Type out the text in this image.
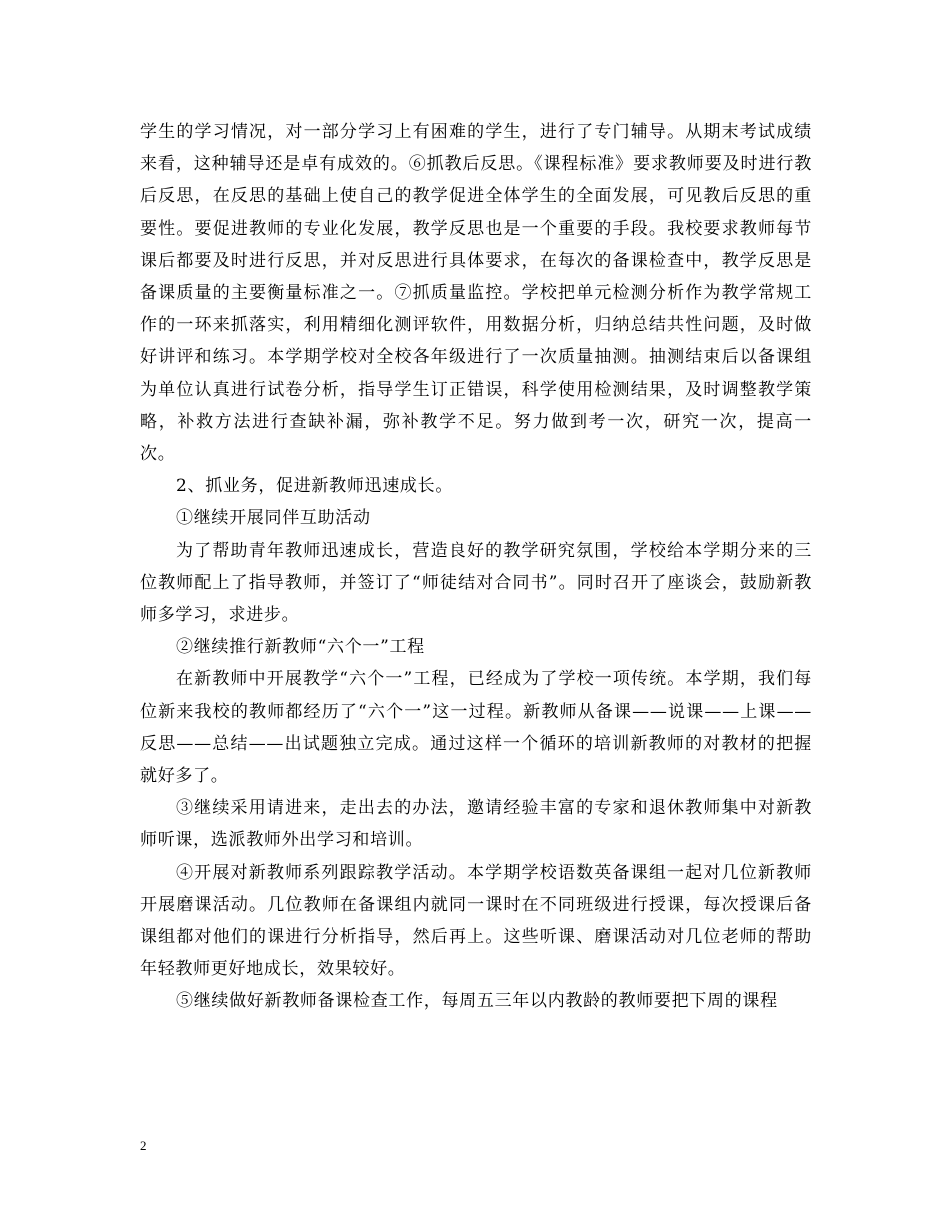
学生的学习情况，对一部分学习上有困难的学生，进行了专门辅导。从期末考试成绩来看，这种辅导还是卓有成效的。⑥抓教后反思。《课程标准》要求教师要及时进行教后反思，在反思的基础上使自己的教学促进全体学生的全面发展，可见教后反思的重要性。要促进教师的专业化发展，教学反思也是一个重要的手段。我校要求教师每节课后都要及时进行反思，并对反思进行具体要求，在每次的备课检查中，教学反思是备课质量的主要衡量标准之一。⑦抓质量监控。学校把单元检测分析作为教学常规工作的一环来抓落实，利用精细化测评软件，用数据分析，归纳总结共性问题，及时做好讲评和练习。本学期学校对全校各年级进行了一次质量抽测。抽测结束后以备课组为单位认真进行试卷分析，指导学生订正错误，科学使用检测结果，及时调整教学策略，补救方法进行查缺补漏，弥补教学不足。努力做到考一次，研究一次，提高一次。

2、抓业务，促进新教师迅速成长。

①继续开展同伴互助活动

为了帮助青年教师迅速成长，营造良好的教学研究氛围，学校给本学期分来的三位教师配上了指导教师，并签订了“师徒结对合同书”。同时召开了座谈会，鼓励新教师多学习，求进步。

②继续推行新教师“六个一”工程

在新教师中开展教学“六个一”工程，已经成为了学校一项传统。本学期，我们每位新来我校的教师都经历了“六个一”这一过程。新教师从备课——说课——上课——反思——总结——出试题独立完成。通过这样一个循环的培训新教师的对教材的把握就好多了。

③继续采用请进来，走出去的办法，邀请经验丰富的专家和退休教师集中对新教师听课，选派教师外出学习和培训。

④开展对新教师系列跟踪教学活动。本学期学校语数英备课组一起对几位新教师开展磨课活动。几位教师在备课组内就同一课时在不同班级进行授课，每次授课后备课组都对他们的课进行分析指导，然后再上。这些听课、磨课活动对几位老师的帮助年轻教师更好地成长，效果较好。

⑤继续做好新教师备课检查工作，每周五三年以内教龄的教师要把下周的课程

2
